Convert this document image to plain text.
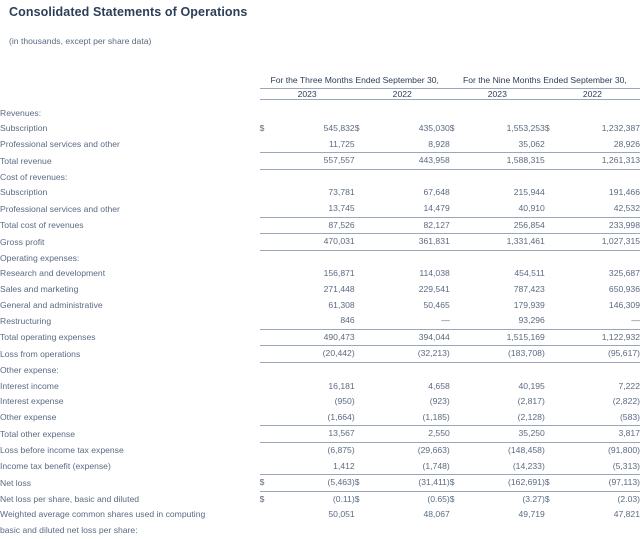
Consolidated Statements of Operations
(in thousands, except per share data)
	For the Three Months Ended September 30,				For the Nine Months Ended September 30,			
	2023		2022		2023		2022	

Revenues:								
Subscription	$	545,832	$	435,030	$	1,553,253	$	1,232,387
Professional services and other		11,725		8,928		35,062		28,926
Total revenue		557,557		443,958		1,588,315		1,261,313
Cost of revenues:								
Subscription		73,781		67,648		215,944		191,466
Professional services and other		13,745		14,479		40,910		42,532
Total cost of revenues		87,526		82,127		256,854		233,998
Gross profit		470,031		361,831		1,331,461		1,027,315
Operating expenses:								
Research and development		156,871		114,038		454,511		325,687
Sales and marketing		271,448		229,541		787,423		650,936
General and administrative		61,308		50,465		179,939		146,309
Restructuring		846		—		93,296		—
Total operating expenses		490,473		394,044		1,515,169		1,122,932
Loss from operations		(20,442)		(32,213)		(183,708)		(95,617)
Other expense:								
Interest income		16,181		4,658		40,195		7,222
Interest expense		(950)		(923)		(2,817)		(2,822)
Other expense		(1,664)		(1,185)		(2,128)		(583)
Total other expense		13,567		2,550		35,250		3,817
Loss before income tax expense		(6,875)		(29,663)		(148,458)		(91,800)
Income tax benefit (expense)		1,412		(1,748)		(14,233)		(5,313)
Net loss	$	(5,463)	$	(31,411)	$	(162,691)	$	(97,113)
Net loss per share, basic and diluted	$	(0.11)	$	(0.65)	$	(3.27)	$	(2.03)
Weighted average common shares used in computing		50,051		48,067		49,719		47,821
basic and diluted net loss per share:								
